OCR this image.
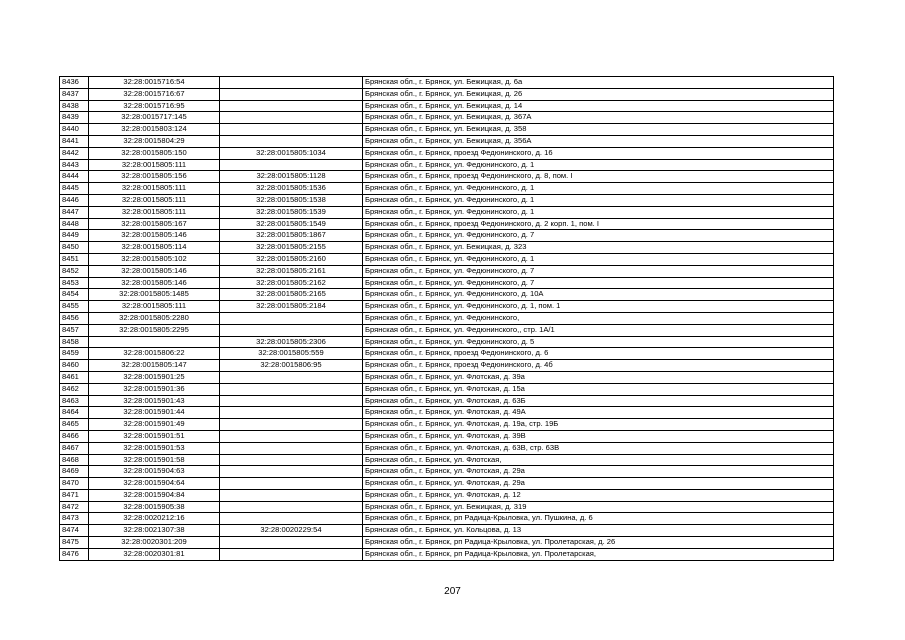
8436	32:28:0015716:54		Брянская обл., г. Брянск, ул. Бежицкая, д. 6а
8437	32:28:0015716:67		Брянская обл., г. Брянск, ул. Бежицкая, д. 26
8438	32:28:0015716:95		Брянская обл., г. Брянск, ул. Бежицкая, д. 14
8439	32:28:0015717:145		Брянская обл., г. Брянск, ул. Бежицкая, д. 367А
8440	32:28:0015803:124		Брянская обл., г. Брянск, ул. Бежицкая, д. 358
8441	32:28:0015804:29		Брянская обл., г. Брянск, ул. Бежицкая, д. 356А
8442	32:28:0015805:150	32:28:0015805:1034	Брянская обл., г. Брянск, проезд Федюнинского, д. 16
8443	32:28:0015805:111		Брянская обл., г. Брянск, ул. Федюнинского, д. 1
8444	32:28:0015805:156	32:28:0015805:1128	Брянская обл., г. Брянск, проезд Федюнинского, д. 8, пом. I
8445	32:28:0015805:111	32:28:0015805:1536	Брянская обл., г. Брянск, ул. Федюнинского, д. 1
8446	32:28:0015805:111	32:28:0015805:1538	Брянская обл., г. Брянск, ул. Федюнинского, д. 1
8447	32:28:0015805:111	32:28:0015805:1539	Брянская обл., г. Брянск, ул. Федюнинского, д. 1
8448	32:28:0015805:167	32:28:0015805:1549	Брянская обл., г. Брянск, проезд Федюнинского, д. 2 корп. 1, пом. I
8449	32:28:0015805:146	32:28:0015805:1867	Брянская обл., г. Брянск, ул. Федюнинского, д. 7
8450	32:28:0015805:114	32:28:0015805:2155	Брянская обл., г. Брянск, ул. Бежицкая, д. 323
8451	32:28:0015805:102	32:28:0015805:2160	Брянская обл., г. Брянск, ул. Федюнинского, д. 1
8452	32:28:0015805:146	32:28:0015805:2161	Брянская обл., г. Брянск, ул. Федюнинского, д. 7
8453	32:28:0015805:146	32:28:0015805:2162	Брянская обл., г. Брянск, ул. Федюнинского, д. 7
8454	32:28:0015805:1485	32:28:0015805:2165	Брянская обл., г. Брянск, ул. Федюнинского, д. 10А
8455	32:28:0015805:111	32:28:0015805:2184	Брянская обл., г. Брянск, ул. Федюнинского, д. 1, пом. 1
8456	32:28:0015805:2280		Брянская обл., г. Брянск, ул. Федюнинского,
8457	32:28:0015805:2295		Брянская обл., г. Брянск, ул. Федюнинского,, стр. 1А/1
8458		32:28:0015805:2306	Брянская обл., г. Брянск, ул. Федюнинского, д. 5
8459	32:28:0015806:22	32:28:0015805:559	Брянская обл., г. Брянск, проезд Федюнинского, д. 6
8460	32:28:0015805:147	32:28:0015806:95	Брянская обл., г. Брянск, проезд Федюнинского, д. 4б
8461	32:28:0015901:25		Брянская обл., г. Брянск, ул. Флотская, д. 39а
8462	32:28:0015901:36		Брянская обл., г. Брянск, ул. Флотская, д. 15а
8463	32:28:0015901:43		Брянская обл., г. Брянск, ул. Флотская, д. 63Б
8464	32:28:0015901:44		Брянская обл., г. Брянск, ул. Флотская, д. 49А
8465	32:28:0015901:49		Брянская обл., г. Брянск, ул. Флотская, д. 19а, стр. 19Б
8466	32:28:0015901:51		Брянская обл., г. Брянск, ул. Флотская, д. 39В
8467	32:28:0015901:53		Брянская обл., г. Брянск, ул. Флотская, д. 63В, стр. 63В
8468	32:28:0015901:58		Брянская обл., г. Брянск, ул. Флотская,
8469	32:28:0015904:63		Брянская обл., г. Брянск, ул. Флотская, д. 29а
8470	32:28:0015904:64		Брянская обл., г. Брянск, ул. Флотская, д. 29а
8471	32:28:0015904:84		Брянская обл., г. Брянск, ул. Флотская, д. 12
8472	32:28:0015905:38		Брянская обл., г. Брянск, ул. Бежицкая, д. 319
8473	32:28:0020212:16		Брянская обл., г. Брянск, рп Радица-Крыловка, ул. Пушкина, д. 6
8474	32:28:0021307:38	32:28:0020229:54	Брянская обл., г. Брянск, ул. Кольцова, д. 13
8475	32:28:0020301:209		Брянская обл., г. Брянск, рп Радица-Крыловка, ул. Пролетарская, д. 26
8476	32:28:0020301:81		Брянская обл., г. Брянск, рп Радица-Крыловка, ул. Пролетарская,
207
